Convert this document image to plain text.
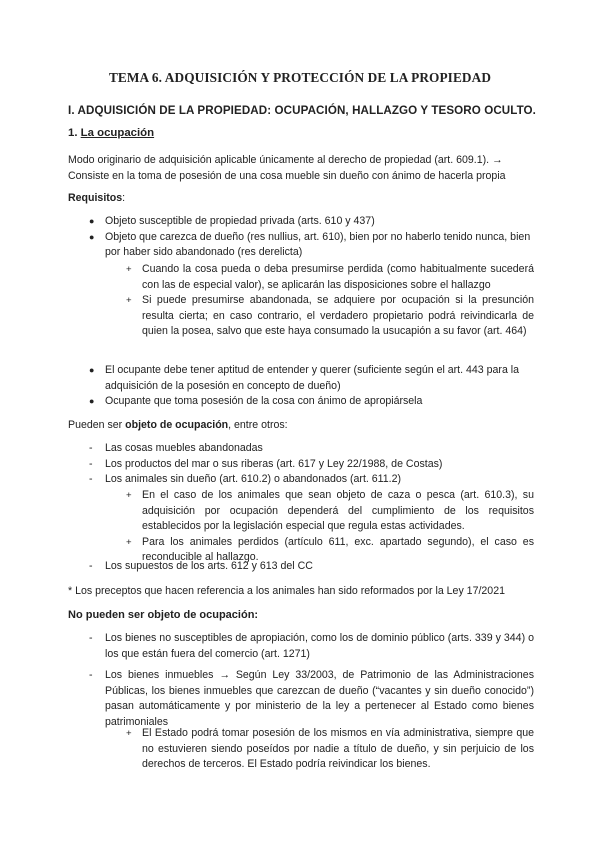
TEMA 6. ADQUISICIÓN Y PROTECCIÓN DE LA PROPIEDAD
I. ADQUISICIÓN DE LA PROPIEDAD: OCUPACIÓN, HALLAZGO Y TESORO OCULTO.
1. La ocupación
Modo originario de adquisición aplicable únicamente al derecho de propiedad (art. 609.1). → Consiste en la toma de posesión de una cosa mueble sin dueño con ánimo de hacerla propia
Requisitos:
● Objeto susceptible de propiedad privada (arts. 610 y 437)
● Objeto que carezca de dueño (res nullius, art. 610), bien por no haberlo tenido nunca, bien por haber sido abandonado (res derelicta)
+ Cuando la cosa pueda o deba presumirse perdida (como habitualmente sucederá con las de especial valor), se aplicarán las disposiciones sobre el hallazgo
+ Si puede presumirse abandonada, se adquiere por ocupación si la presunción resulta cierta; en caso contrario, el verdadero propietario podrá reivindicarla de quien la posea, salvo que este haya consumado la usucapión a su favor (art. 464)
● El ocupante debe tener aptitud de entender y querer (suficiente según el art. 443 para la adquisición de la posesión en concepto de dueño)
● Ocupante que toma posesión de la cosa con ánimo de apropiársela
Pueden ser objeto de ocupación, entre otros:
- Las cosas muebles abandonadas
- Los productos del mar o sus riberas (art. 617 y Ley 22/1988, de Costas)
- Los animales sin dueño (art. 610.2) o abandonados (art. 611.2)
+ En el caso de los animales que sean objeto de caza o pesca (art. 610.3), su adquisición por ocupación dependerá del cumplimiento de los requisitos establecidos por la legislación especial que regula estas actividades.
+ Para los animales perdidos (artículo 611, exc. apartado segundo), el caso es reconducible al hallazgo.
- Los supuestos de los arts. 612 y 613 del CC
* Los preceptos que hacen referencia a los animales han sido reformados por la Ley 17/2021
No pueden ser objeto de ocupación:
- Los bienes no susceptibles de apropiación, como los de dominio público (arts. 339 y 344) o los que están fuera del comercio (art. 1271)
- Los bienes inmuebles → Según Ley 33/2003, de Patrimonio de las Administraciones Públicas, los bienes inmuebles que carezcan de dueño (“vacantes y sin dueño conocido”) pasan automáticamente y por ministerio de la ley a pertenecer al Estado como bienes patrimoniales
+ El Estado podrá tomar posesión de los mismos en vía administrativa, siempre que no estuvieren siendo poseídos por nadie a título de dueño, y sin perjuicio de los derechos de terceros. El Estado podría reivindicar los bienes.
